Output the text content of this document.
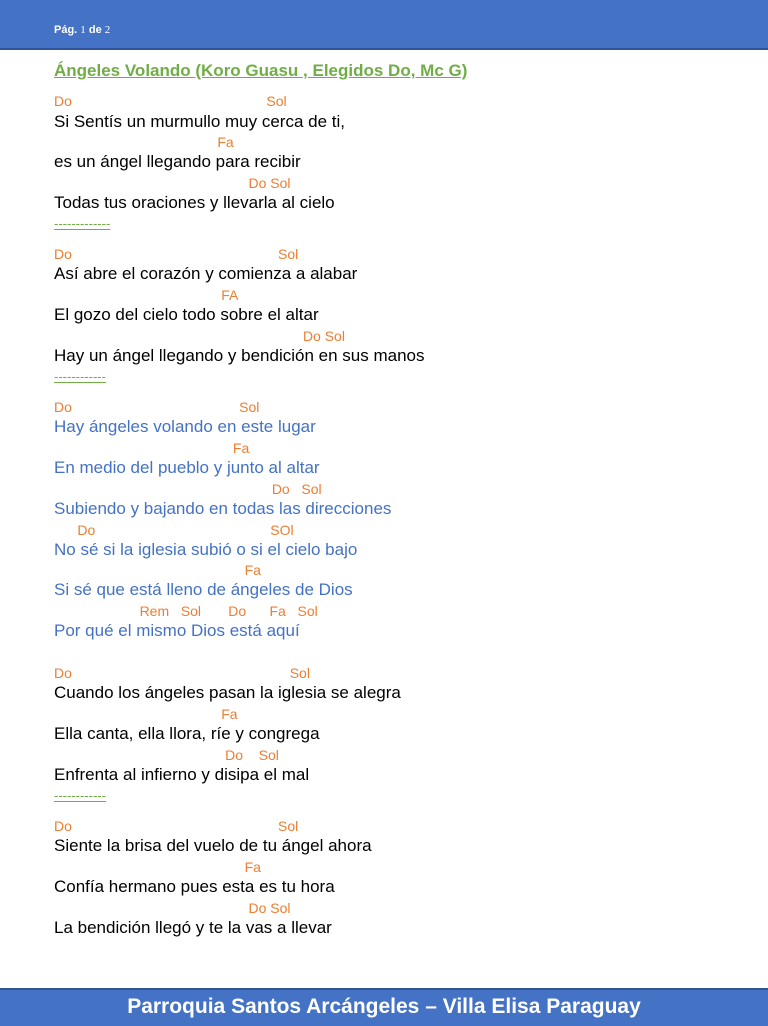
Pág. 1 de 2
Ángeles Volando (Koro Guasu , Elegidos Do, Mc G)
Do                                                  Sol
Si Sentís un murmullo muy cerca de ti,
Fa
es un ángel llegando para recibir
Do Sol
Todas tus oraciones y llevarla al cielo
-------------
Do                                                     Sol
Así abre el corazón y comienza a alabar
FA
El gozo del cielo todo sobre el altar
Do Sol
Hay un ángel llegando y bendición en sus manos
------------
Do                                           Sol
Hay ángeles volando en este lugar
Fa
En medio del pueblo y junto al altar
Do   Sol
Subiendo y bajando en todas las direcciones
Do                                             SOl
No sé si la iglesia subió o si el cielo bajo
Fa
Si sé que está lleno de ángeles de Dios
Rem   Sol       Do      Fa   Sol
Por qué el mismo Dios está aquí
Do                                                        Sol
Cuando los ángeles pasan la iglesia se alegra
Fa
Ella canta, ella llora, ríe y congrega
Do    Sol
Enfrenta al infierno y disipa el mal
------------
Do                                                     Sol
Siente la brisa del vuelo de tu ángel ahora
Fa
Confía hermano pues esta es tu hora
Do Sol
La bendición llegó y te la vas a llevar
Parroquia Santos Arcángeles – Villa Elisa Paraguay
